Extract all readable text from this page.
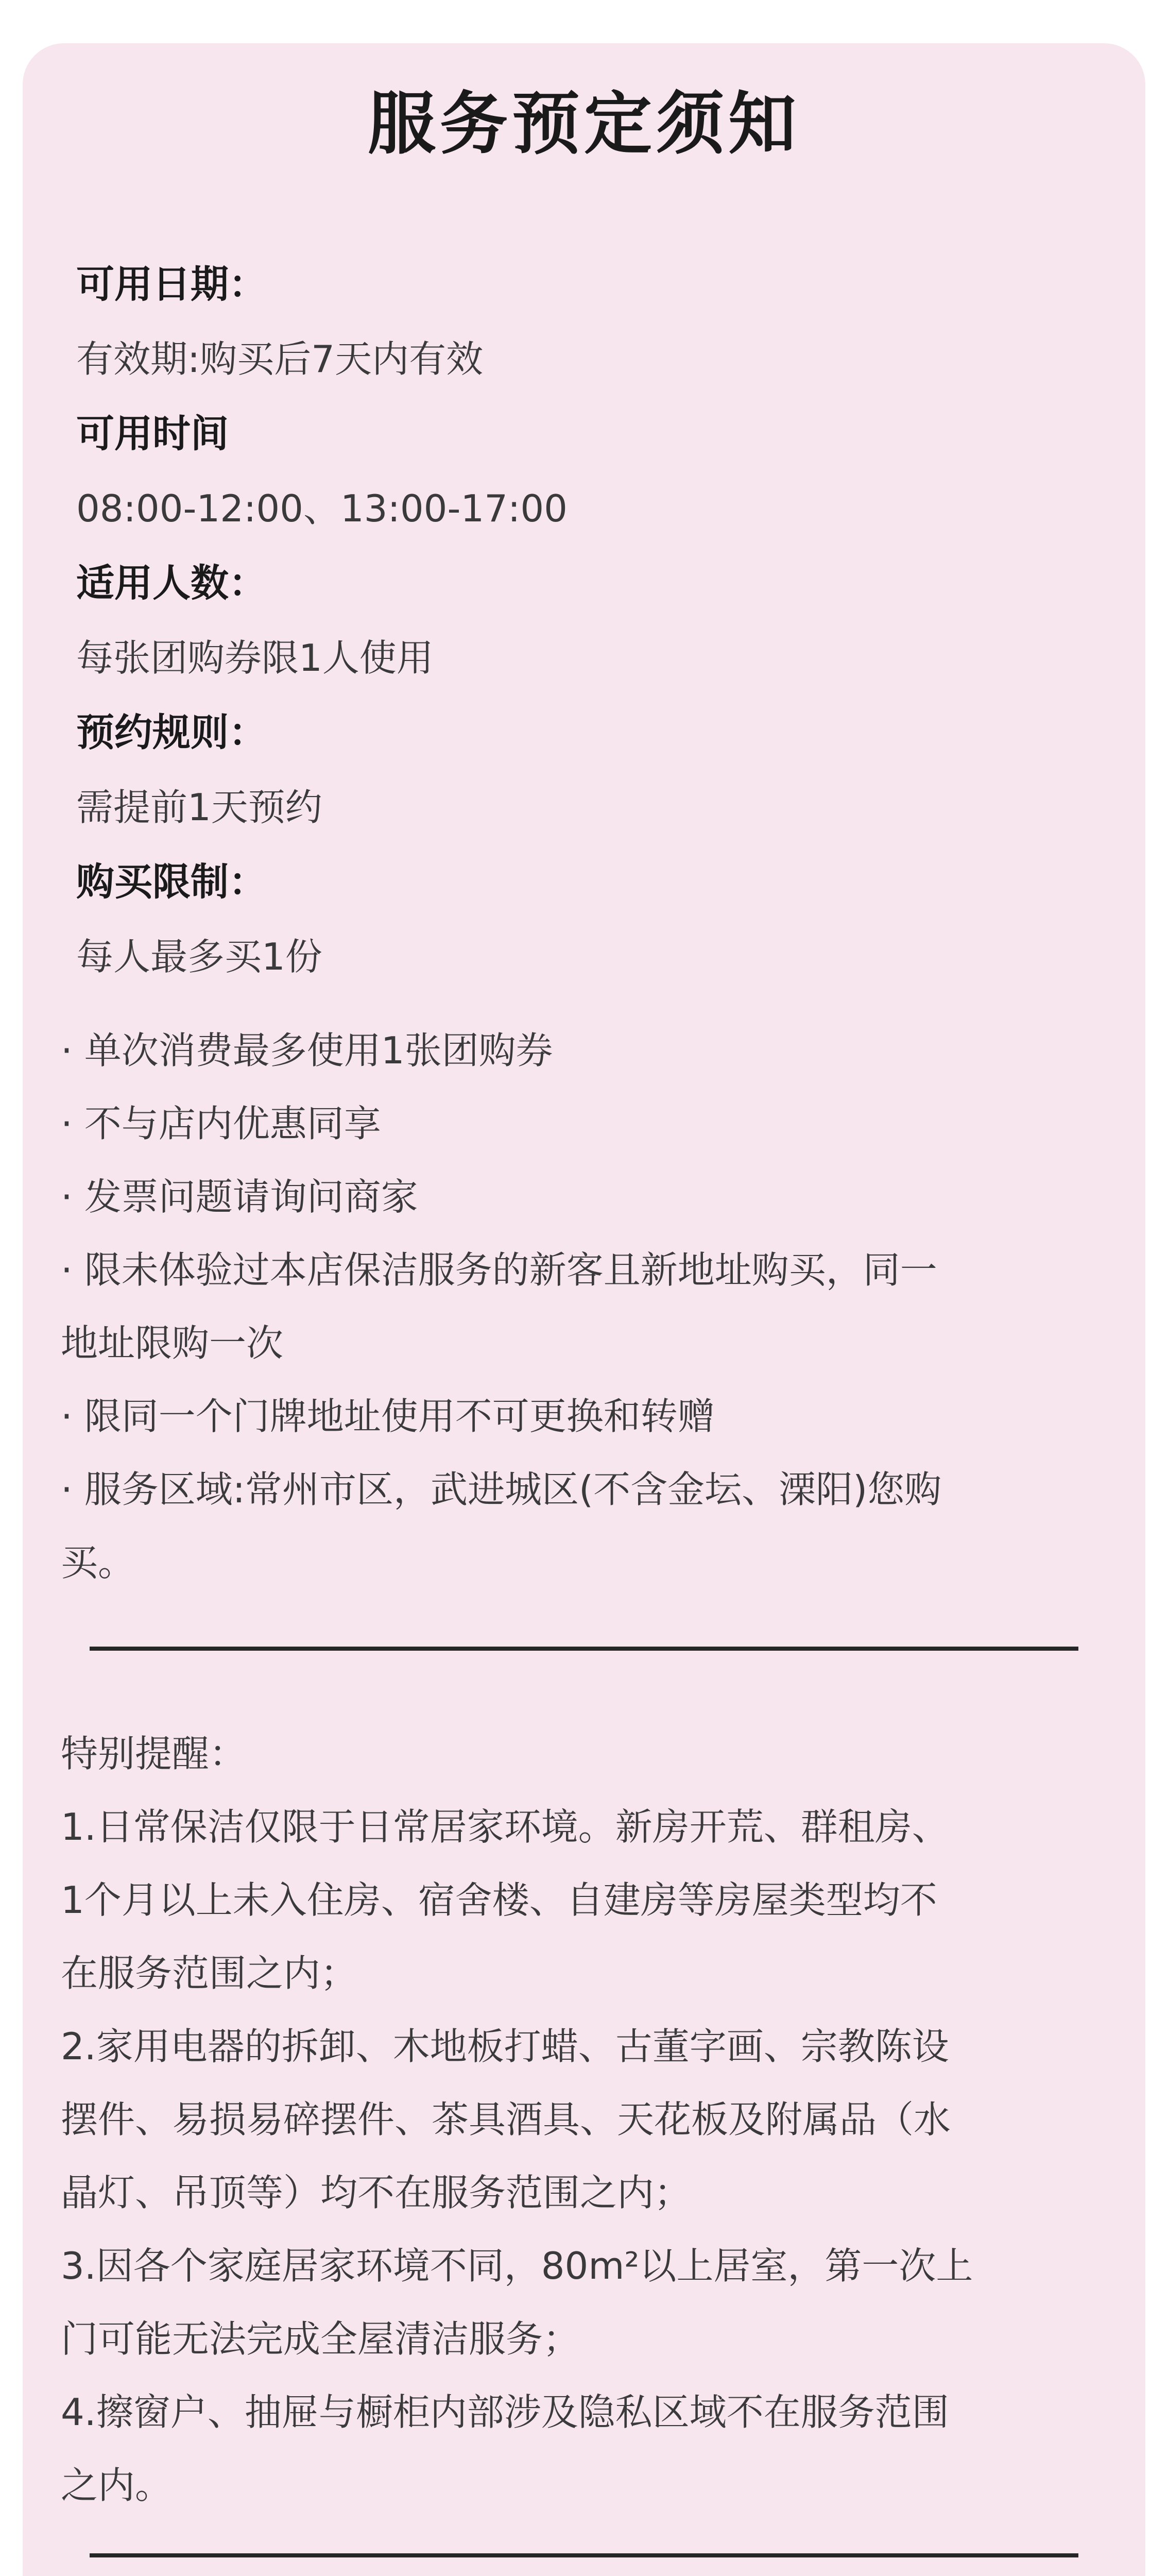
服务预定须知
可用日期：
有效期:购买后7天内有效
可用时间
08:00-12:00、13:00-17:00
适用人数：
每张团购券限1人使用
预约规则：
需提前1天预约
购买限制：
每人最多买1份
· 单次消费最多使用1张团购券
· 不与店内优惠同享
· 发票问题请询问商家
· 限未体验过本店保洁服务的新客且新地址购买，同一
地址限购一次
· 限同一个门牌地址使用不可更换和转赠
· 服务区域:常州市区，武进城区(不含金坛、溧阳)您购
买。
特别提醒：
1.日常保洁仅限于日常居家环境。新房开荒、群租房、
1个月以上未入住房、宿舍楼、自建房等房屋类型均不
在服务范围之内；
2.家用电器的拆卸、木地板打蜡、古董字画、宗教陈设
摆件、易损易碎摆件、茶具酒具、天花板及附属品（水
晶灯、吊顶等）均不在服务范围之内；
3.因各个家庭居家环境不同，80m²以上居室，第一次上
门可能无法完成全屋清洁服务；
4.擦窗户、抽屉与橱柜内部涉及隐私区域不在服务范围
之内。
